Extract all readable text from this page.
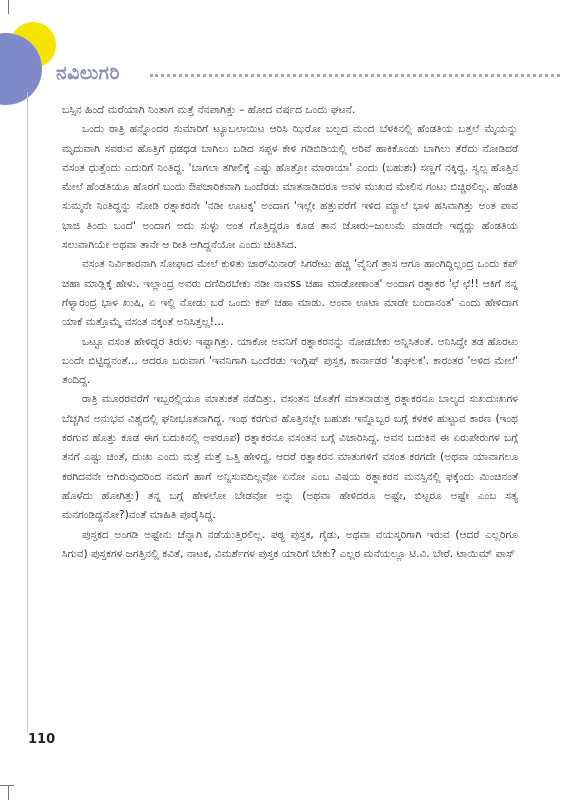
ನವಿಲುಗರಿ

ಬಸ್ಸಿನ ಹಿಂದೆ ಮರೆಯಾಗಿ ನಿಂತಾಗ ಮತ್ತೆ ನೆನಪಾಗಿತ್ತು – ಹೋದ ವರ್ಷದ ಒಂದು ಘಟನೆ.

ಒಂದು ರಾತ್ರಿ ಹನ್ನೊಂದರ ಸುಮಾರಿಗೆ ಟ್ಯೂಬಲಾಯಿಟ ಆರಿಸಿ ಝಿರೋ ಬಲ್ಬದ ಮಂದ ಬೆಳಕಿನಲ್ಲಿ ಹೆಂಡತಿಯ ಬತ್ತಲೆ ಮೈಯನ್ನು ಮೃದುವಾಗಿ ಸವರುವ ಹೊತ್ತಿಗೆ ಧಡಧಡ ಬಾಗಿಲು ಬಡಿದ ಸಪ್ಪಳ ಕೇಳಿ ಗಡಿಬಿಡಿಯಲ್ಲಿ ಅರಿವೆ ಹಾಕಿಕೊಂಡು ಬಾಗಿಲು ತೆರೆದು ನೋಡಿದರೆ ವಸಂತ ಧುತ್ತೆಂದು ಎದುರಿಗೆ ನಿಂತಿದ್ದ. 'ಬಾಗಲಾ ತಗೀಲಿಕ್ಕೆ ಎಷ್ಟು ಹೊತ್ತೋ ಮಾರಾಯಾ' ಎಂದು (ಬಹುಶಃ) ಸಣ್ಣಗೆ ನಕ್ಕಿದ್ದ. ಸ್ವಲ್ಪ ಹೊತ್ತಿನ ಮೇಲೆ ಹೆಂಡತಿಯೂ ಹೊರಗೆ ಬಂದು ಔಪಚಾರಿಕವಾಗಿ ಒಂದೆರಡು ಮಾತನಾಡಿದರೂ ಅವಳ ಮುಖದ ಮೇಲಿನ ಗಂಟು ಬಿಚ್ಚಿರಲಿಲ್ಲ. ಹೆಂಡತಿ ಸುಮ್ಮನೇ ನಿಂತಿದ್ದನ್ನು ನೋಡಿ ರತ್ನಾಕರನೇ 'ನಡೀ ಊಟಕ್ಕ' ಅಂದಾಗ 'ಇಲ್ಲೇ ಹತ್ತುವರೆಗೆ ಇಳಿದ ಮ್ಯಾಲೆ ಭಾಳ ಹಸಿವಾಗಿತ್ತು ಅಂತ ಪಾವ ಭಾಜಿ ತಿಂದು ಬಂದೆ' ಅಂದಾಗ ಅದು ಸುಳ್ಳು ಅಂತ ಗೊತ್ತಿದ್ದರೂ ಕೂಡ ತಾನ ಜೋರು–ಜುಲುಮೆ ಮಾಡದೇ ಇದ್ದದ್ದು ಹೆಂಡತಿಯ ಸಲುವಾಗಿಯೇ ಅಥವಾ ತಾನೇ ಆ ರೀತಿ ಆಗಿದ್ದನೆಯೋ ಎಂದು ಚಿಂತಿಸಿದ.

ವಸಂತ ನಿರ್ವಿಕಾರನಾಗಿ ಸೋಫಾದ ಮೇಲೆ ಕುಳಿತು ಚಾರ್‌ಮಿನಾರ್ ಸಿಗರೇಟು ಹಚ್ಚಿ 'ವೈನಿಗೆ ತ್ರಾಸ ಆಗೂ ಹಾಂಗಿದ್ದಿಲ್ಲಂದ್ರ ಒಂದು ಕಪ್ ಚಹಾ ಮಾಡ್ಲಿಕ್ಕೆ ಹೇಳು. ಇಲ್ಲಾಂದ್ರ ಅವರು ದಣಿದಿರಬೇಕು ನಡೀ ನಾವss ಚಹಾ ಮಾಡೋಣಾಂತ' ಅಂದಾಗ ರತ್ನಾಕರ 'ಛೆ ಛೆ!! ಆಕಿಗೆ ನನ್ನ ಗೆಳ್ಯಾರಂದ್ರ ಭಾಳ ಖುಷಿ, ಏ ಇಲ್ಲಿ ನೋಡು ಬರೆ ಒಂದು ಕಪ್ ಚಹಾ ಮಾಡು. ಅಂವಾ ಊಟಾ ಮಾಡೇ ಬಂದಾನಂತ' ಎಂದು ಹೇಳಿದಾಗ ಯಾಕೆ ಮತ್ತೊಮ್ಮೆ ವಸಂತ ನಕ್ಕಂತೆ ಅನಿಸಿತ್ತಲ್ಲ!...

ಒಟ್ಟೂ ವಸಂತ ಹೇಳಿದ್ದರ ತಿರುಳು ಇಷ್ಟಾಗಿತ್ತು. ಯಾಕೋ ಅವನಿಗೆ ರತ್ನಾಕರನನ್ನು ನೋಡಬೇಕು ಅನ್ನಿಸಿತಂತೆ. ಅನಿಸಿದ್ದೇ ತಡ ಹೊರಟು ಬಂದೇ ಬಿಟ್ಟಿದ್ದನಂತೆ... ಆದರೂ ಬರುವಾಗ 'ಇವನಿಗಾಗಿ ಒಂದೆರಡು ಇಂಗ್ಲಿಷ್ ಪುಸ್ತಕ, ಕಾರ್ನಾಡರ 'ತುಘಲಕ'. ಕಾರಂತರ 'ಅಳಿದ ಮೇಲೆ' ತಂದಿದ್ದ.

ರಾತ್ರಿ ಮೂರರವರೆಗೆ ಇಬ್ಬರಲ್ಲಿಯೂ ಮಾತುಕತೆ ನಡೆದಿತ್ತು. ವಸಂತನ ಜೊತೆಗೆ ಮಾತನಾಡುತ್ತ ರತ್ನಾಕರನೂ ಬಾಲ್ಯದ ಸುಖದುಃಖಗಳ ಬೆಚ್ಚಗಿನ ಅನುಭವ ವಿಶ್ವದಲ್ಲಿ ಘನೀಭೂತನಾಗಿದ್ದ. ಇಂಥ ಕರಗುವ ಹೊತ್ತಿನಲ್ಲೇ ಬಹುಶಃ ಇನ್ನೊಬ್ಬರ ಬಗ್ಗೆ ಕಳಕಳಿ ಹುಟ್ಟುವ ಕಾರಣ (ಇಂಥ ಕರಗುವ ಹೊತ್ತು ಕೂಡ ಈಗ ಬದುಕಿನಲ್ಲಿ ಅಪರೂಪ) ರತ್ನಾಕರನೂ ವಸಂತನ ಬಗ್ಗೆ ವಿಚಾರಿಸಿದ್ದ. ಅವನ ಬದುಕಿನ ಈ ಏರುಪೇರುಗಳ ಬಗ್ಗೆ ತನಗೆ ಎಷ್ಟು ಚಿಂತೆ, ದುಃಖ ಎಂದು ಮತ್ತೆ ಮತ್ತೆ ಒತ್ತಿ ಹೇಳಿದ್ದ. ಆದರೆ ರತ್ನಾಕರನ ಮಾತುಗಳಿಗೆ ವಸಂತ ಕರಗದೇ (ಅಥವಾ ಯಾವಾಗಲೂ ಕರಗಿದವನೇ ಆಗಿರುವುದರಿಂದ ನಮಗೆ ಹಾಗೆ ಅನ್ನಿಸುವದಿಲ್ಲವೋ ಏನೋ ಎಂಬ ವಿಷಯ ರತ್ನಾಕರನ ಮನಸ್ಸಿನಲ್ಲಿ ಫಕ್ಕೆಂದು ಮಿಂಚಿನಂತೆ ಹೊಳೆದು ಹೋಗಿತ್ತು) ತನ್ನ ಬಗ್ಗೆ ಹೇಳಲೋ ಬೇಡವೋ ಅನ್ನು (ಅಥವಾ ಹೇಳಿದರೂ ಅಷ್ಟೇ, ಬಿಟ್ಟರೂ ಅಷ್ಟೇ ಎಂಬ ಸತ್ಯ ಮನಗಂಡಿದ್ದನೋ?)ವಂತೆ ಮಾಹಿತಿ ಪೂರೈಸಿದ್ದ.

ಪುಸ್ತಕದ ಅಂಗಡಿ ಅಷ್ಟೇನು ಚೆನ್ನಾಗಿ ನಡೆಯುತ್ತಿರಲಿಲ್ಲ. ಪಠ್ಯ ಪುಸ್ತಕ, ಗೈಡು, ಅಥವಾ ವಯಸ್ಕರಿಗಾಗಿ ಇರುವ (ಆದರೆ ಎಲ್ಲರಿಗೂ ಸಿಗುವ) ಪುಸ್ತಕಗಳ ಜಗತ್ತಿನಲ್ಲಿ ಕವಿತೆ, ನಾಟಕ, ವಿಮರ್ಶೆಗಳ ಪುಸ್ತಕ ಯಾರಿಗೆ ಬೇಕು? ಎಲ್ಲರ ಮನೆಯಲ್ಲೂ ಟಿ.ವಿ. ಬೇರೆ. ಟಾಯಿಮ್ ಪಾಸ್

110
